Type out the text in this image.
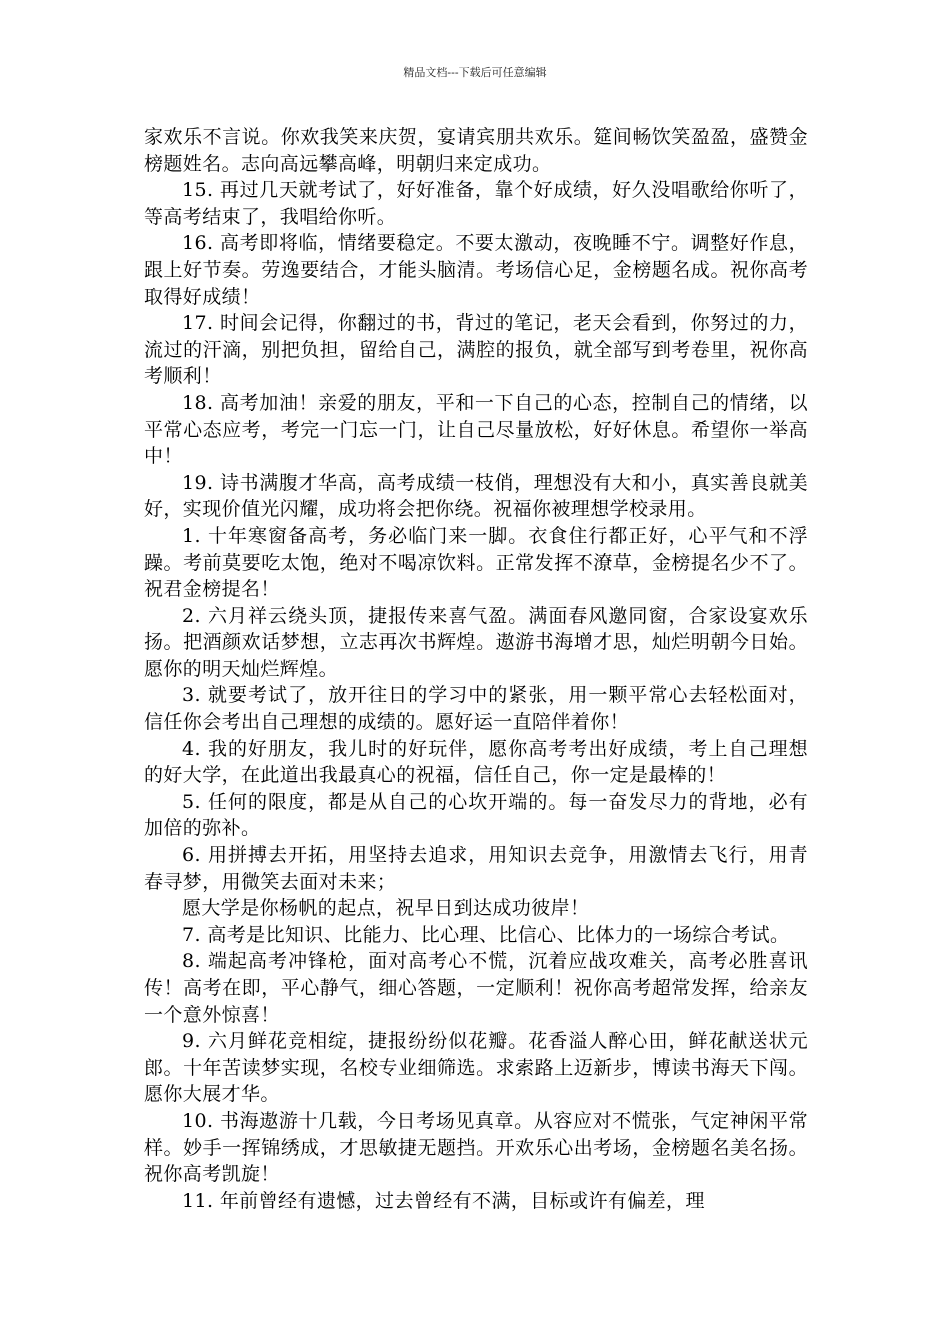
精品文档---下载后可任意编辑

家欢乐不言说。你欢我笑来庆贺，宴请宾朋共欢乐。筵间畅饮笑盈盈，盛赞金榜题姓名。志向高远攀高峰，明朝归来定成功。

15. 再过几天就考试了，好好准备，靠个好成绩，好久没唱歌给你听了，等高考结束了，我唱给你听。

16. 高考即将临，情绪要稳定。不要太激动，夜晚睡不宁。调整好作息，跟上好节奏。劳逸要结合，才能头脑清。考场信心足，金榜题名成。祝你高考取得好成绩！

17. 时间会记得，你翻过的书，背过的笔记，老天会看到，你努过的力，流过的汗滴，别把负担，留给自己，满腔的报负，就全部写到考卷里，祝你高考顺利！

18. 高考加油！亲爱的朋友，平和一下自己的心态，控制自己的情绪，以平常心态应考，考完一门忘一门，让自己尽量放松，好好休息。希望你一举高中！

19. 诗书满腹才华高，高考成绩一枝俏，理想没有大和小，真实善良就美好，实现价值光闪耀，成功将会把你绕。祝福你被理想学校录用。

1. 十年寒窗备高考，务必临门来一脚。衣食住行都正好，心平气和不浮躁。考前莫要吃太饱，绝对不喝凉饮料。正常发挥不潦草，金榜提名少不了。祝君金榜提名！

2. 六月祥云绕头顶，捷报传来喜气盈。满面春风邀同窗，合家设宴欢乐扬。把酒颜欢话梦想，立志再次书辉煌。遨游书海增才思，灿烂明朝今日始。愿你的明天灿烂辉煌。

3. 就要考试了，放开往日的学习中的紧张，用一颗平常心去轻松面对，信任你会考出自己理想的成绩的。愿好运一直陪伴着你！

4. 我的好朋友，我儿时的好玩伴，愿你高考考出好成绩，考上自己理想的好大学，在此道出我最真心的祝福，信任自己，你一定是最棒的！

5. 任何的限度，都是从自己的心坎开端的。每一奋发尽力的背地，必有加倍的弥补。

6. 用拼搏去开拓，用坚持去追求，用知识去竞争，用激情去飞行，用青春寻梦，用微笑去面对未来；

愿大学是你杨帆的起点，祝早日到达成功彼岸！

7. 高考是比知识、比能力、比心理、比信心、比体力的一场综合考试。

8. 端起高考冲锋枪，面对高考心不慌，沉着应战攻难关，高考必胜喜讯传！高考在即，平心静气，细心答题，一定顺利！祝你高考超常发挥，给亲友一个意外惊喜！

9. 六月鲜花竞相绽，捷报纷纷似花瓣。花香溢人醉心田，鲜花献送状元郎。十年苦读梦实现，名校专业细筛选。求索路上迈新步，博读书海天下闯。愿你大展才华。

10. 书海遨游十几载，今日考场见真章。从容应对不慌张，气定神闲平常样。妙手一挥锦绣成，才思敏捷无题挡。开欢乐心出考场，金榜题名美名扬。祝你高考凯旋！

11. 年前曾经有遗憾，过去曾经有不满，目标或许有偏差，理
